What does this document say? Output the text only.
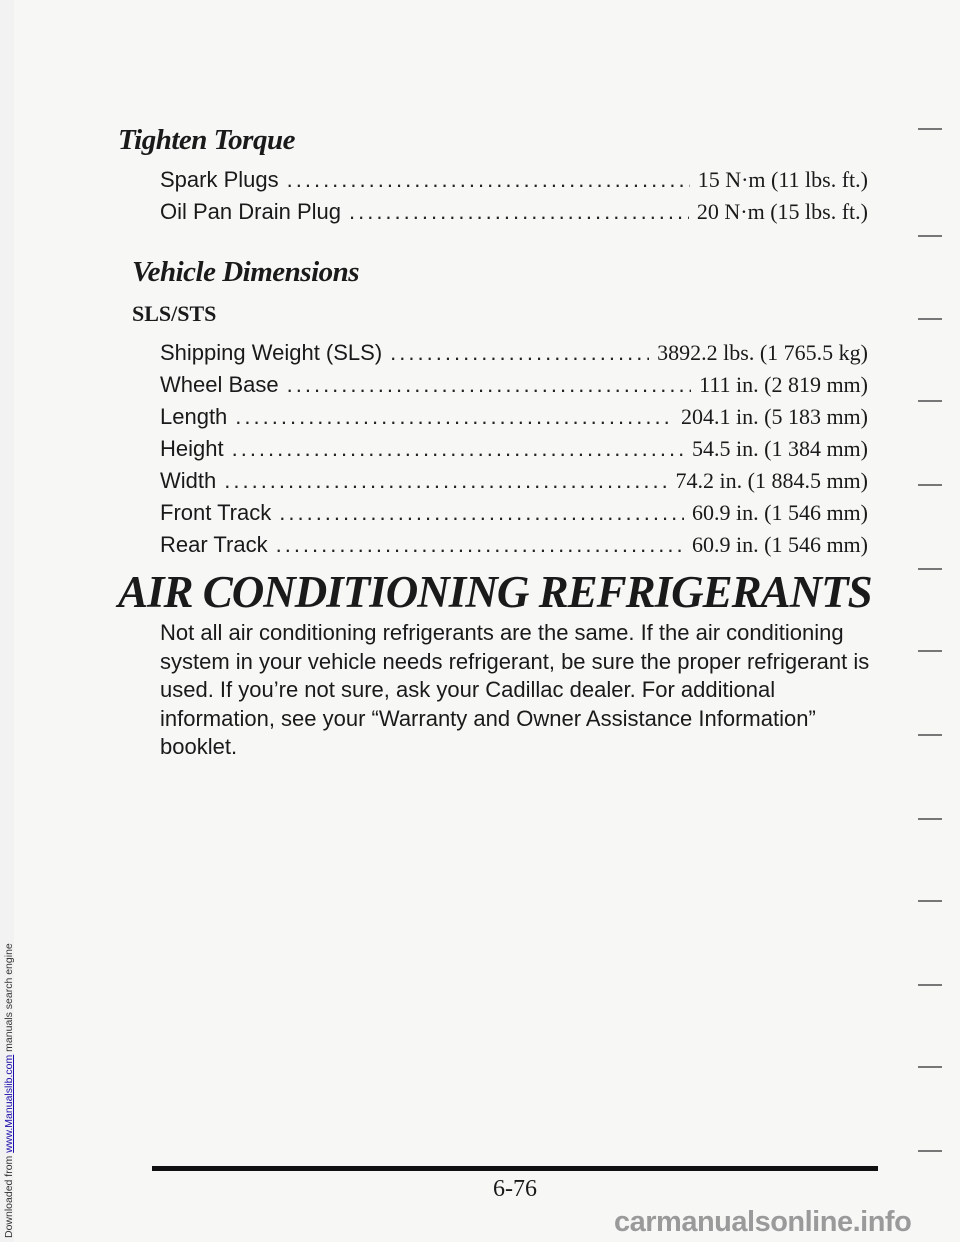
Downloaded from www.Manualslib.com manuals search engine
Tighten Torque
Spark Plugs .....	15 N·m (11 lbs. ft.)
Oil Pan Drain Plug .....	20 N·m (15 lbs. ft.)
Vehicle Dimensions
SLS/STS
Shipping Weight (SLS) .....	3892.2 lbs. (1 765.5 kg)
Wheel Base .....	111 in. (2 819 mm)
Length .....	204.1 in. (5 183 mm)
Height .....	54.5 in. (1 384 mm)
Width .....	74.2 in. (1 884.5 mm)
Front Track .....	60.9 in. (1 546 mm)
Rear Track .....	60.9 in. (1 546 mm)
AIR CONDITIONING REFRIGERANTS

Not all air conditioning refrigerants are the same. If the air conditioning system in your vehicle needs refrigerant, be sure the proper refrigerant is used. If you’re not sure, ask your Cadillac dealer. For additional information, see your “Warranty and Owner Assistance Information” booklet.

6-76

carmanualsonline.info
